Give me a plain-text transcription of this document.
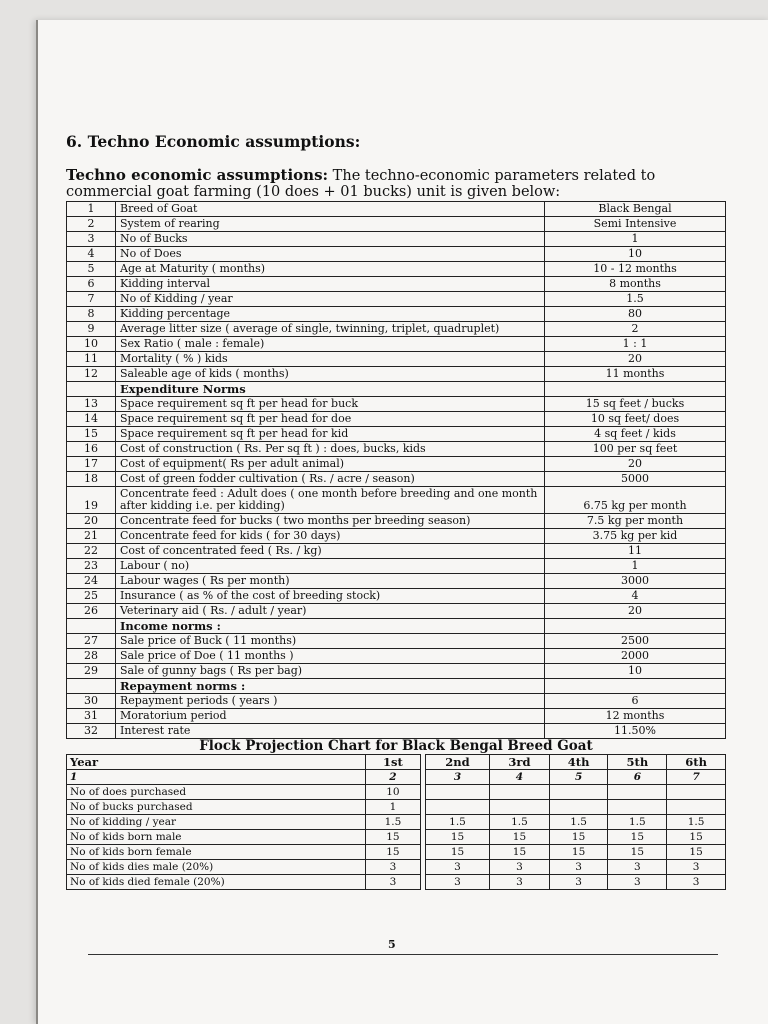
6. Techno Economic assumptions:

Techno economic assumptions: The techno-economic parameters related to commercial goat farming (10 does + 01 bucks) unit is given below:

1	Breed of Goat	Black Bengal
2	System of rearing	Semi Intensive
3	No of Bucks	1
4	No of Does	10
5	Age at Maturity ( months)	10 - 12 months
6	Kidding interval	8 months
7	No of Kidding / year	1.5
8	Kidding percentage	80
9	Average litter size ( average of single, twinning, triplet, quadruplet)	2
10	Sex Ratio ( male : female)	1 : 1
11	Mortality ( % ) kids	20
12	Saleable age of kids ( months)	11 months
	Expenditure Norms	
13	Space requirement sq ft per head for buck	15 sq feet / bucks
14	Space requirement sq ft per head for doe	10 sq feet/ does
15	Space requirement sq ft per head for kid	4 sq feet / kids
16	Cost of construction ( Rs. Per sq ft ) : does, bucks, kids	100 per sq feet
17	Cost of equipment( Rs per adult animal)	20
18	Cost of green fodder cultivation ( Rs. / acre / season)	5000
19	Concentrate feed : Adult does ( one month before breeding and one month after kidding i.e. per kidding)	6.75 kg per month
20	Concentrate feed for bucks ( two months per breeding season)	7.5 kg per month
21	Concentrate feed for kids ( for 30 days)	3.75 kg per kid
22	Cost of concentrated feed ( Rs. / kg)	11
23	Labour ( no)	1
24	Labour wages ( Rs per month)	3000
25	Insurance ( as % of the cost of breeding stock)	4
26	Veterinary aid ( Rs. / adult / year)	20
	Income norms :	
27	Sale price of Buck ( 11 months)	2500
28	Sale price of Doe ( 11 months )	2000
29	Sale of gunny bags ( Rs per bag)	10
	Repayment norms :	
30	Repayment periods ( years )	6
31	Moratorium period	12 months
32	Interest rate	11.50%

Flock Projection Chart for Black Bengal Breed Goat

Year	1st		2nd	3rd	4th	5th	6th
1	2		3	4	5	6	7
No of does purchased	10						
No of bucks purchased	1						
No of kidding / year	1.5		1.5	1.5	1.5	1.5	1.5
No of kids born male	15		15	15	15	15	15
No of kids born female	15		15	15	15	15	15
No of kids dies male (20%)	3		3	3	3	3	3
No of kids died female (20%)	3		3	3	3	3	3
5
